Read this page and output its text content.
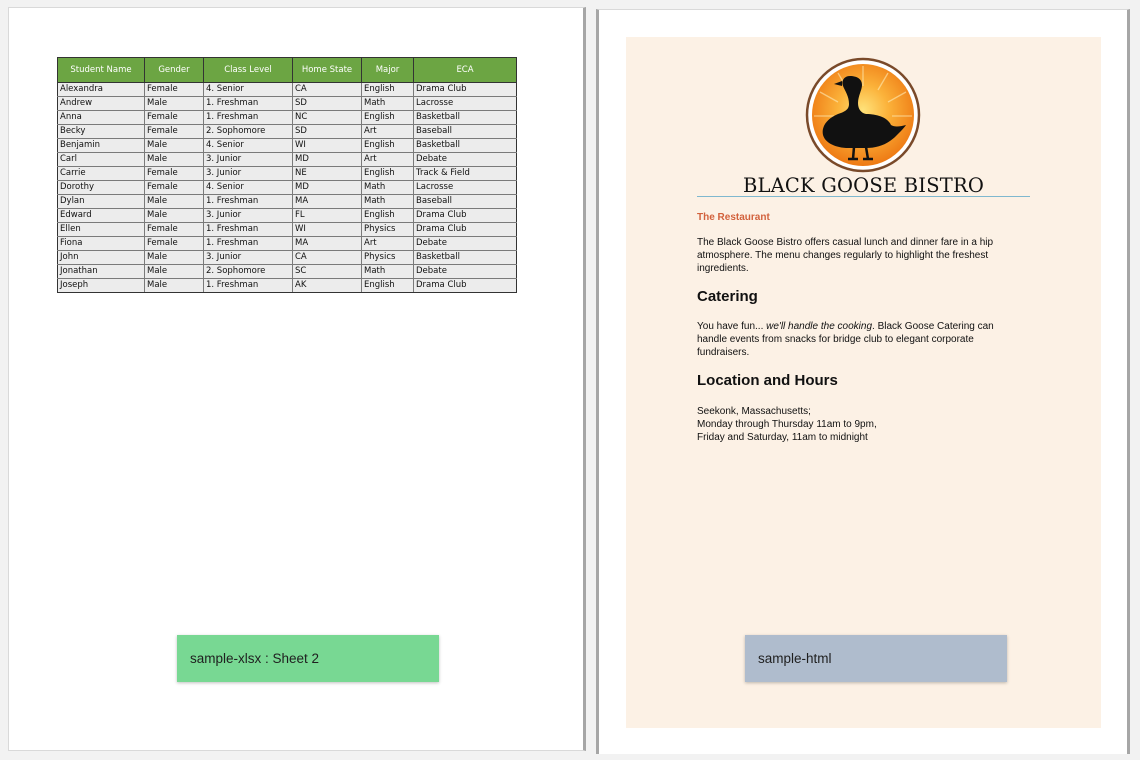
Student Name	Gender	Class Level	Home State	Major	ECA
Alexandra	Female	4. Senior	CA	English	Drama Club
Andrew	Male	1. Freshman	SD	Math	Lacrosse
Anna	Female	1. Freshman	NC	English	Basketball
Becky	Female	2. Sophomore	SD	Art	Baseball
Benjamin	Male	4. Senior	WI	English	Basketball
Carl	Male	3. Junior	MD	Art	Debate
Carrie	Female	3. Junior	NE	English	Track & Field
Dorothy	Female	4. Senior	MD	Math	Lacrosse
Dylan	Male	1. Freshman	MA	Math	Baseball
Edward	Male	3. Junior	FL	English	Drama Club
Ellen	Female	1. Freshman	WI	Physics	Drama Club
Fiona	Female	1. Freshman	MA	Art	Debate
John	Male	3. Junior	CA	Physics	Basketball
Jonathan	Male	2. Sophomore	SC	Math	Debate
Joseph	Male	1. Freshman	AK	English	Drama Club
sample-xlsx : Sheet 2
BLACK GOOSE BISTRO
The Restaurant
The Black Goose Bistro offers casual lunch and dinner fare in a hip atmosphere. The menu changes regularly to highlight the freshest ingredients.
Catering
You have fun... we'll handle the cooking. Black Goose Catering can handle events from snacks for bridge club to elegant corporate fundraisers.
Location and Hours
Seekonk, Massachusetts;
Monday through Thursday 11am to 9pm,
Friday and Saturday, 11am to midnight
sample-html
